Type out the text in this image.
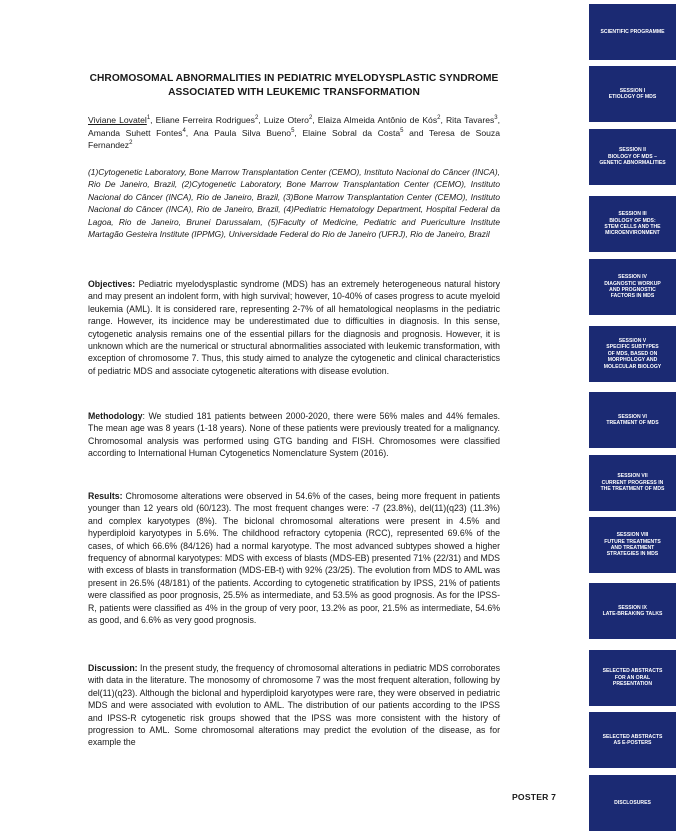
CHROMOSOMAL ABNORMALITIES IN PEDIATRIC MYELODYSPLASTIC SYNDROME ASSOCIATED WITH LEUKEMIC TRANSFORMATION
Viviane Lovatel$^1$, Eliane Ferreira Rodrigues$^2$, Luize Otero$^2$, Elaiza Almeida Antônio de Kós$^2$, Rita Tavares$^3$, Amanda Suhett Fontes$^4$, Ana Paula Silva Bueno$^5$, Elaine Sobral da Costa$^5$ and Teresa de Souza Fernandez$^2$
(1)Cytogenetic Laboratory, Bone Marrow Transplantation Center (CEMO), Instituto Nacional do Câncer (INCA), Rio De Janeiro, Brazil, (2)Cytogenetic Laboratory, Bone Marrow Transplantation Center (CEMO), Instituto Nacional do Câncer (INCA), Rio de Janeiro, Brazil, (3)Bone Marrow Transplantation Center (CEMO), Instituto Nacional do Câncer (INCA), Rio de Janeiro, Brazil, (4)Pediatric Hematology Department, Hospital Federal da Lagoa, Rio de Janeiro, Brunei Darussalam, (5)Faculty of Medicine, Pediatric and Puericulture Institute Martagão Gesteira Institute (IPPMG), Universidade Federal do Rio de Janeiro (UFRJ), Rio de Janeiro, Brazil
Objectives: Pediatric myelodysplastic syndrome (MDS) has an extremely heterogeneous natural history and may present an indolent form, with high survival; however, 10-40% of cases progress to acute myeloid leukemia (AML). It is considered rare, representing 2-7% of all hematological neoplasms in the pediatric range. However, its incidence may be underestimated due to difficulties in diagnosis. In this sense, cytogenetic analysis remains one of the essential pillars for the diagnosis and prognosis. However, it is unknown which are the numerical or structural abnormalities associated with leukemic transformation, with exception of chromosome 7. Thus, this study aimed to analyze the cytogenetic and clinical characteristics of pediatric MDS and associate cytogenetic alterations with disease evolution.
Methodology: We studied 181 patients between 2000-2020, there were 56% males and 44% females. The mean age was 8 years (1-18 years). None of these patients were previously treated for a malignancy. Chromosomal analysis was performed using GTG banding and FISH. Chromosomes were classified according to International Human Cytogenetics Nomenclature System (2016).
Results: Chromosome alterations were observed in 54.6% of the cases, being more frequent in patients younger than 12 years old (60/123). The most frequent changes were: -7 (23.8%), del(11)(q23) (11.3%) and complex karyotypes (8%). The biclonal chromosomal alterations were present in 4.5% and hyperdiploid karyotypes in 5.6%. The childhood refractory cytopenia (RCC), represented 69.6% of the cases, of which 66.6% (84/126) had a normal karyotype. The most advanced subtypes showed a higher frequency of abnormal karyotypes: MDS with excess of blasts (MDS-EB) presented 71% (22/31) and MDS with excess of blasts in transformation (MDS-EB-t) with 92% (23/25). The evolution from MDS to AML was present in 26.5% (48/181) of the patients. According to cytogenetic stratification by IPSS, 21% of patients were classified as poor prognosis, 25.5% as intermediate, and 53.5% as good prognosis. As for the IPSS-R, patients were classified as 4% in the group of very poor, 13.2% as poor, 21.5% as intermediate, 54.6% as good, and 6.6% as very good prognosis.
Discussion: In the present study, the frequency of chromosomal alterations in pediatric MDS corroborates with data in the literature. The monosomy of chromosome 7 was the most frequent alteration, following by del(11)(q23). Although the biclonal and hyperdiploid karyotypes were rare, they were observed in pediatric MDS and were associated with evolution to AML. The distribution of our patients according to the IPSS and IPSS-R cytogenetic risk groups showed that the IPSS was more consistent with the history of progression to AML. Some chromosomal alterations may predict the evolution of the disease, as for example the
POSTER 7
SCIENTIFIC PROGRAMME
SESSION I
ETIOLOGY OF MDS
SESSION II
BIOLOGY OF MDS –
GENETIC ABNORMALITIES
SESSION III
BIOLOGY OF MDS:
STEM CELLS AND THE
MICROENVIRONMENT
SESSION IV
DIAGNOSTIC WORKUP
AND PROGNOSTIC
FACTORS IN MDS
SESSION V
SPECIFIC SUBTYPES
OF MDS, BASED ON
MORPHOLOGY AND
MOLECULAR BIOLOGY
SESSION VI
TREATMENT OF MDS
SESSION VII
CURRENT PROGRESS IN
THE TREATMENT OF MDS
SESSION VIII
FUTURE TREATMENTS
AND TREATMENT
STRATEGIES IN MDS
SESSION IX
LATE-BREAKING TALKS
SELECTED ABSTRACTS
FOR AN ORAL
PRESENTATION
SELECTED ABSTRACTS
AS E-POSTERS
DISCLOSURES
